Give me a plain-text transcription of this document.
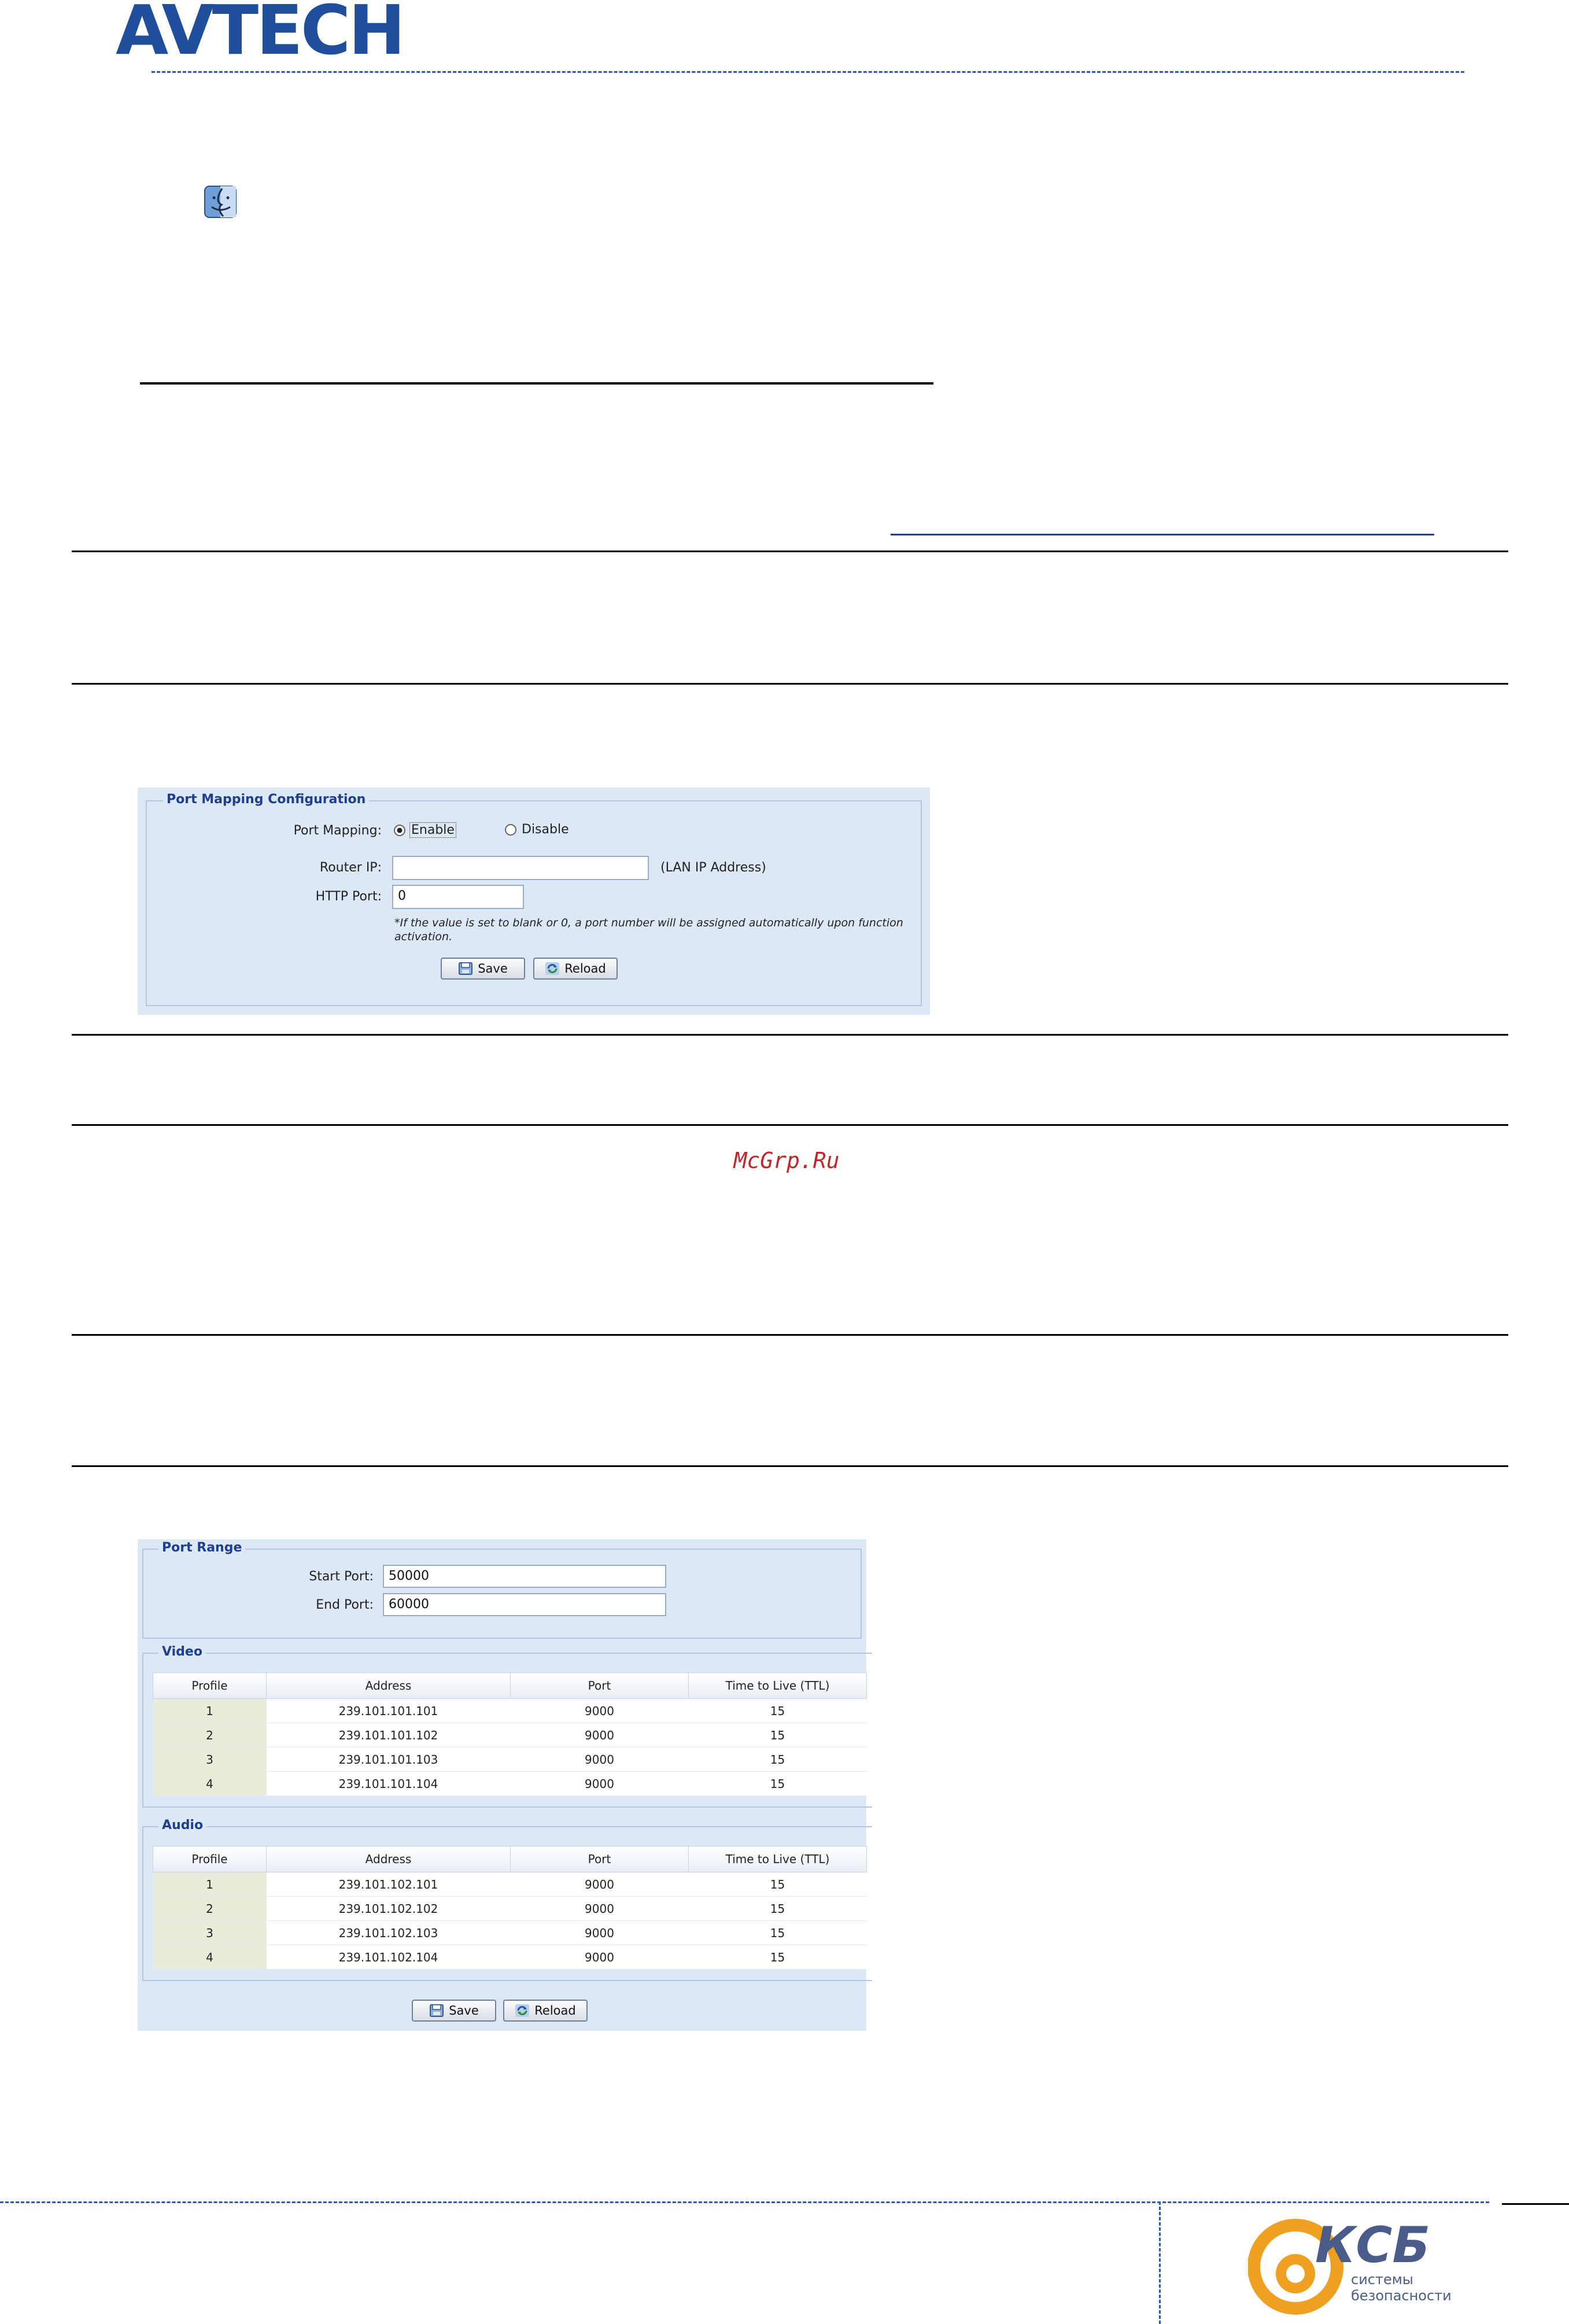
AVTECH
Port Mapping Configuration
Port Mapping: Enable	Disable
Router IP:	(LAN IP Address)
HTTP Port:	0
*If the value is set to blank or 0, a port number will be assigned automatically upon function
activation.
Save	Reload
McGrp.Ru
Port Range
Start Port:	50000
End Port:	60000
Video
Profile	Address	Port	Time to Live (TTL)
1	239.101.101.101	9000	15
2	239.101.101.102	9000	15
3	239.101.101.103	9000	15
4	239.101.101.104	9000	15
Audio
Profile	Address	Port	Time to Live (TTL)
1	239.101.102.101	9000	15
2	239.101.102.102	9000	15
3	239.101.102.103	9000	15
4	239.101.102.104	9000	15
Save	Reload
КСБ
системы
безопасности
